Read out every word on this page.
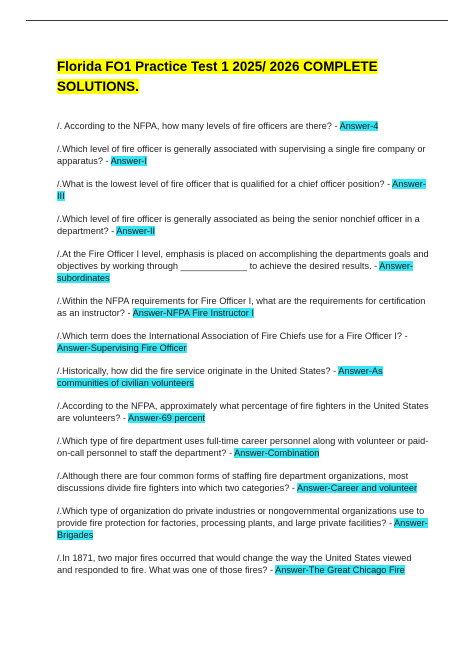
Florida FO1 Practice Test 1 2025/ 2026 COMPLETE SOLUTIONS.

/. According to the NFPA, how many levels of fire officers are there? - Answer-4

/.Which level of fire officer is generally associated with supervising a single fire company or apparatus? - Answer-I

/.What is the lowest level of fire officer that is qualified for a chief officer position? - Answer-III

/.Which level of fire officer is generally associated as being the senior nonchief officer in a department? - Answer-II

/.At the Fire Officer I level, emphasis is placed on accomplishing the departments goals and objectives by working through _____________ to achieve the desired results. - Answer-subordinates

/.Within the NFPA requirements for Fire Officer I, what are the requirements for certification as an instructor? - Answer-NFPA Fire Instructor I

/.Which term does the International Association of Fire Chiefs use for a Fire Officer I? - Answer-Supervising Fire Officer

/.Historically, how did the fire service originate in the United States? - Answer-As communities of civilian volunteers

/.According to the NFPA, approximately what percentage of fire fighters in the United States are volunteers? - Answer-69 percent

/.Which type of fire department uses full-time career personnel along with volunteer or paid-on-call personnel to staff the department? - Answer-Combination

/.Although there are four common forms of staffing fire department organizations, most discussions divide fire fighters into which two categories? - Answer-Career and volunteer

/.Which type of organization do private industries or nongovernmental organizations use to provide fire protection for factories, processing plants, and large private facilities? - Answer-Brigades

/.In 1871, two major fires occurred that would change the way the United States viewed and responded to fire. What was one of those fires? - Answer-The Great Chicago Fire
